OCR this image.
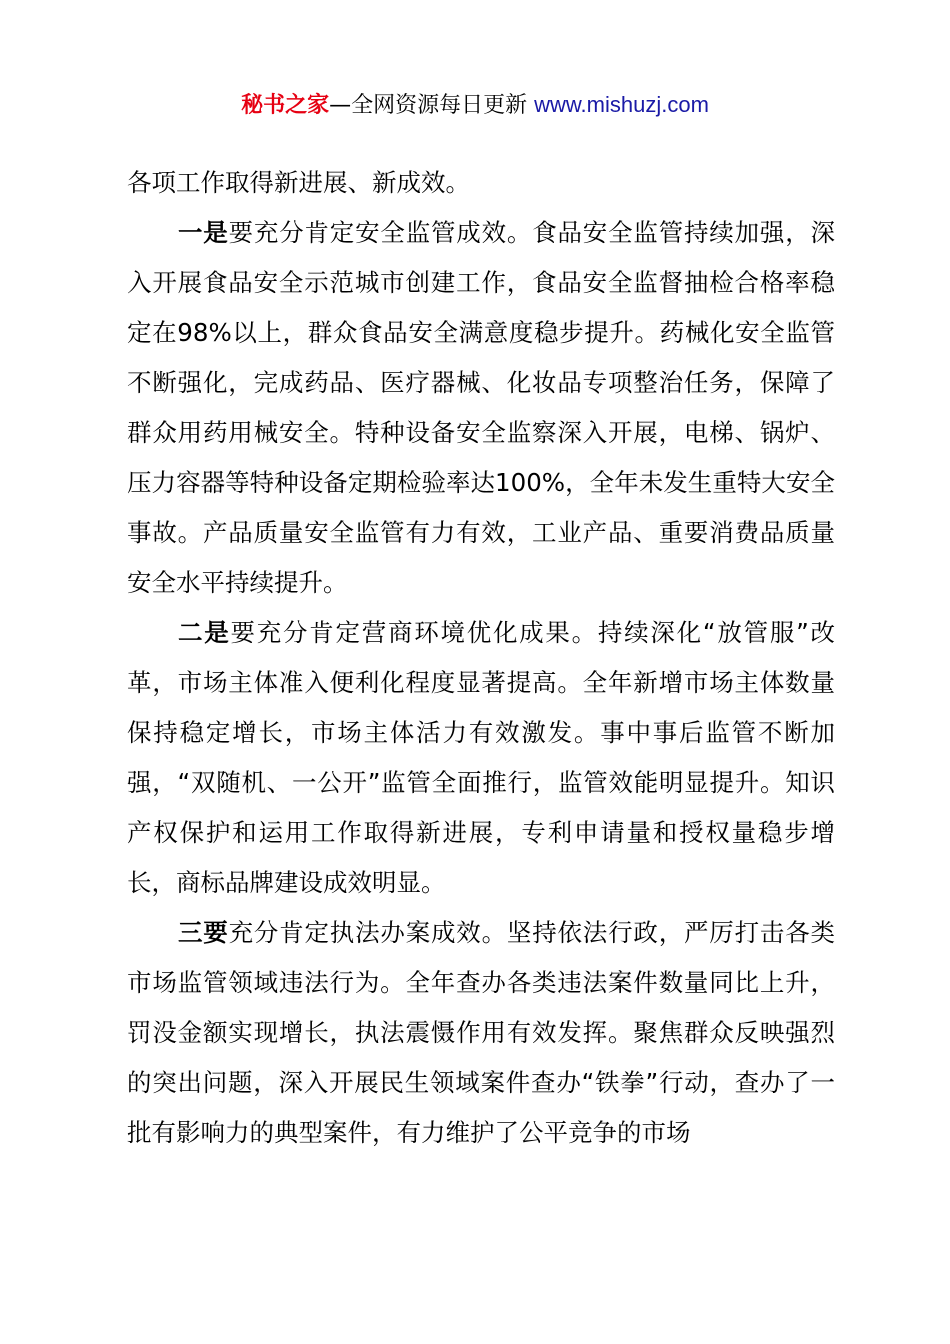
秘书之家—全网资源每日更新 www.mishuzj.com

各项工作取得新进展、新成效。

一是要充分肯定安全监管成效。食品安全监管持续加强，深入开展食品安全示范城市创建工作，食品安全监督抽检合格率稳定在98%以上，群众食品安全满意度稳步提升。药械化安全监管不断强化，完成药品、医疗器械、化妆品专项整治任务，保障了群众用药用械安全。特种设备安全监察深入开展，电梯、锅炉、压力容器等特种设备定期检验率达100%，全年未发生重特大安全事故。产品质量安全监管有力有效，工业产品、重要消费品质量安全水平持续提升。

二是要充分肯定营商环境优化成果。持续深化“放管服”改革，市场主体准入便利化程度显著提高。全年新增市场主体数量保持稳定增长，市场主体活力有效激发。事中事后监管不断加强，“双随机、一公开”监管全面推行，监管效能明显提升。知识产权保护和运用工作取得新进展，专利申请量和授权量稳步增长，商标品牌建设成效明显。

三要充分肯定执法办案成效。坚持依法行政，严厉打击各类市场监管领域违法行为。全年查办各类违法案件数量同比上升，罚没金额实现增长，执法震慑作用有效发挥。聚焦群众反映强烈的突出问题，深入开展民生领域案件查办“铁拳”行动，查办了一批有影响力的典型案件，有力维护了公平竞争的市场
